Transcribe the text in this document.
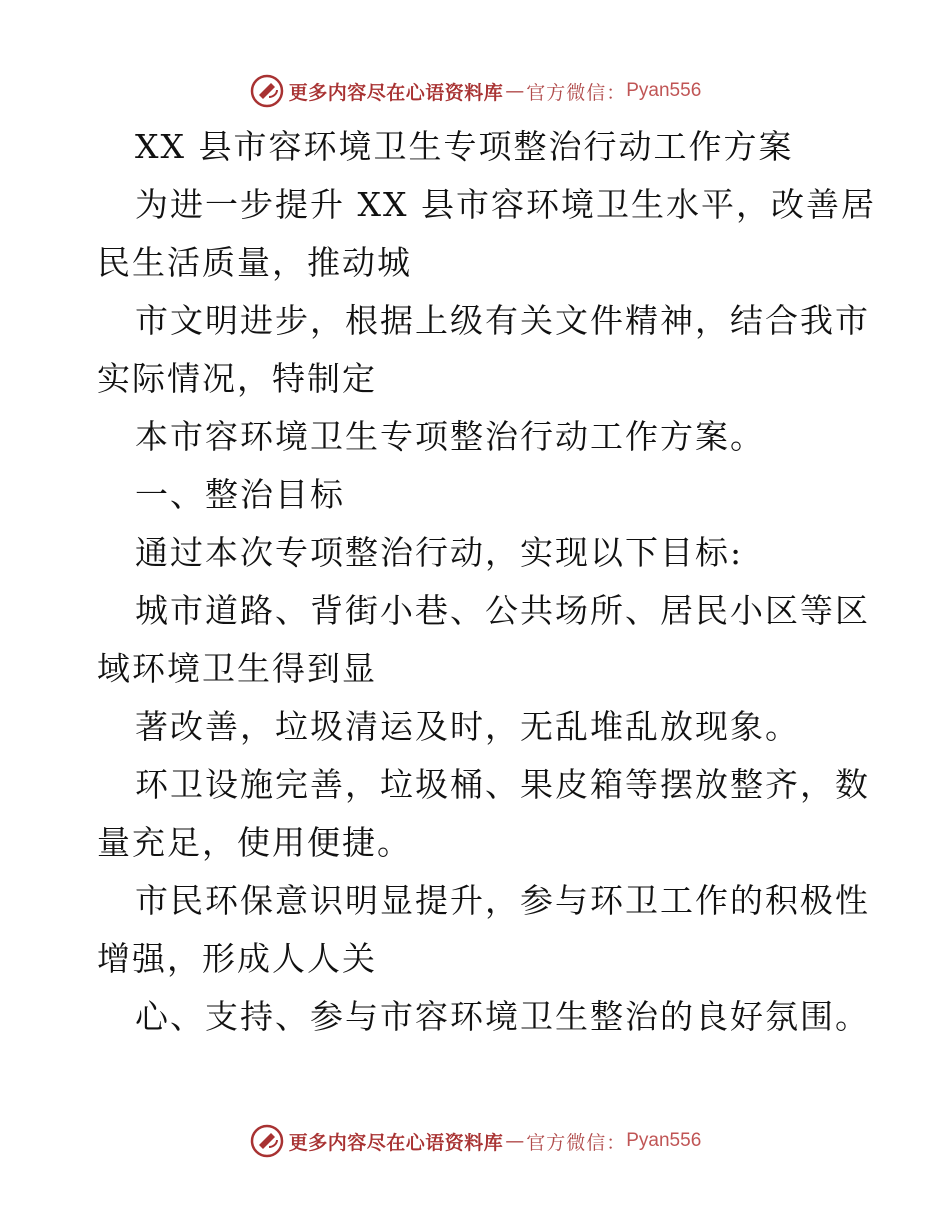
更多内容尽在心语资料库 — 官方微信： Pyan556
XX 县市容环境卫生专项整治行动工作方案
为进一步提升 XX 县市容环境卫生水平，改善居
民生活质量，推动城
市文明进步，根据上级有关文件精神，结合我市
实际情况，特制定
本市容环境卫生专项整治行动工作方案。
一、整治目标
通过本次专项整治行动，实现以下目标:
城市道路、背街小巷、公共场所、居民小区等区
域环境卫生得到显
著改善，垃圾清运及时，无乱堆乱放现象。
环卫设施完善，垃圾桶、果皮箱等摆放整齐，数
量充足，使用便捷。
市民环保意识明显提升，参与环卫工作的积极性
增强，形成人人关
心、支持、参与市容环境卫生整治的良好氛围。
更多内容尽在心语资料库 — 官方微信： Pyan556
